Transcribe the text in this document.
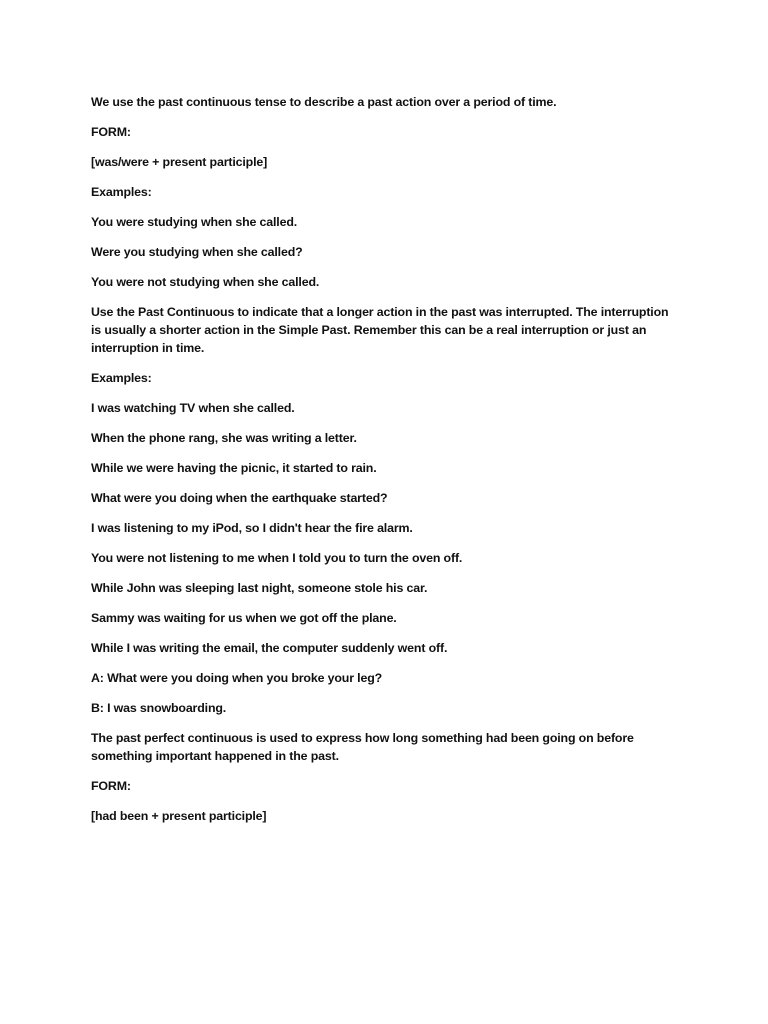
We use the past continuous tense to describe a past action over a period of time.

FORM:

[was/were + present participle]

Examples:

You were studying when she called.

Were you studying when she called?

You were not studying when she called.

Use the Past Continuous to indicate that a longer action in the past was interrupted. The interruption is usually a shorter action in the Simple Past. Remember this can be a real interruption or just an interruption in time.

Examples:

I was watching TV when she called.

When the phone rang, she was writing a letter.

While we were having the picnic, it started to rain.

What were you doing when the earthquake started?

I was listening to my iPod, so I didn't hear the fire alarm.

You were not listening to me when I told you to turn the oven off.

While John was sleeping last night, someone stole his car.

Sammy was waiting for us when we got off the plane.

While I was writing the email, the computer suddenly went off.

A: What were you doing when you broke your leg?

B: I was snowboarding.

The past perfect continuous is used to express how long something had been going on before something important happened in the past.

FORM:

[had been + present participle]
